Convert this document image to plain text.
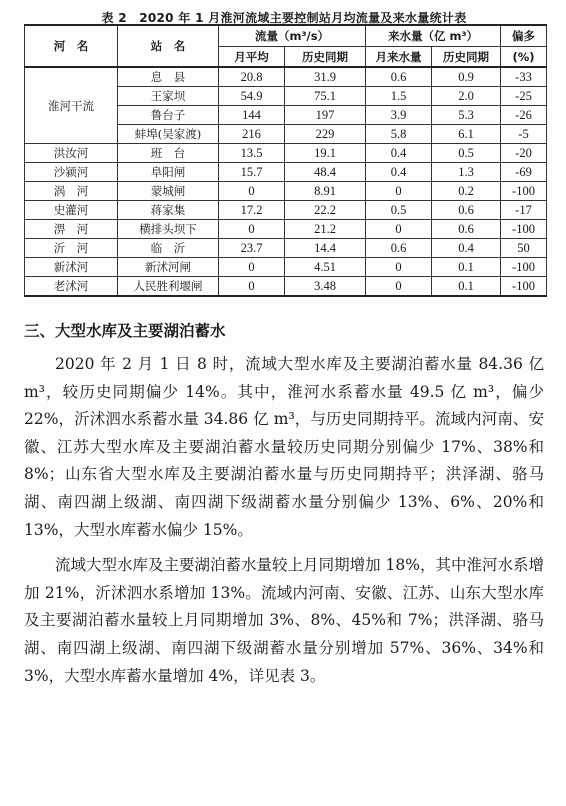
表 2　2020 年 1 月淮河流域主要控制站月均流量及来水量统计表

河　名	站　名	流量（m³/s）		来水量（亿 m³）		偏多
		月平均	历史同期	月来水量	历史同期	(%)
淮河干流	息　县	20.8	31.9	0.6	0.9	-33
	王家坝	54.9	75.1	1.5	2.0	-25
	鲁台子	144	197	3.9	5.3	-26
	蚌埠(吴家渡)	216	229	5.8	6.1	-5
洪汝河	班　台	13.5	19.1	0.4	0.5	-20
沙颍河	阜阳闸	15.7	48.4	0.4	1.3	-69
涡　河	蒙城闸	0	8.91	0	0.2	-100
史灌河	蒋家集	17.2	22.2	0.5	0.6	-17
淠　河	横排头坝下	0	21.2	0	0.6	-100
沂　河	临　沂	23.7	14.4	0.6	0.4	50
新沭河	新沭河闸	0	4.51	0	0.1	-100
老沭河	人民胜利堰闸	0	3.48	0	0.1	-100
三、大型水库及主要湖泊蓄水

2020 年 2 月 1 日 8 时，流域大型水库及主要湖泊蓄水量 84.36 亿 m³，较历史同期偏少 14%。其中，淮河水系蓄水量 49.5 亿 m³，偏少 22%，沂沭泗水系蓄水量 34.86 亿 m³，与历史同期持平。流域内河南、安徽、江苏大型水库及主要湖泊蓄水量较历史同期分别偏少 17%、38%和 8%；山东省大型水库及主要湖泊蓄水量与历史同期持平；洪泽湖、骆马湖、南四湖上级湖、南四湖下级湖蓄水量分别偏少 13%、6%、20%和 13%，大型水库蓄水偏少 15%。

流域大型水库及主要湖泊蓄水量较上月同期增加 18%，其中淮河水系增加 21%，沂沭泗水系增加 13%。流域内河南、安徽、江苏、山东大型水库及主要湖泊蓄水量较上月同期增加 3%、8%、45%和 7%；洪泽湖、骆马湖、南四湖上级湖、南四湖下级湖蓄水量分别增加 57%、36%、34%和 3%，大型水库蓄水量增加 4%，详见表 3。
